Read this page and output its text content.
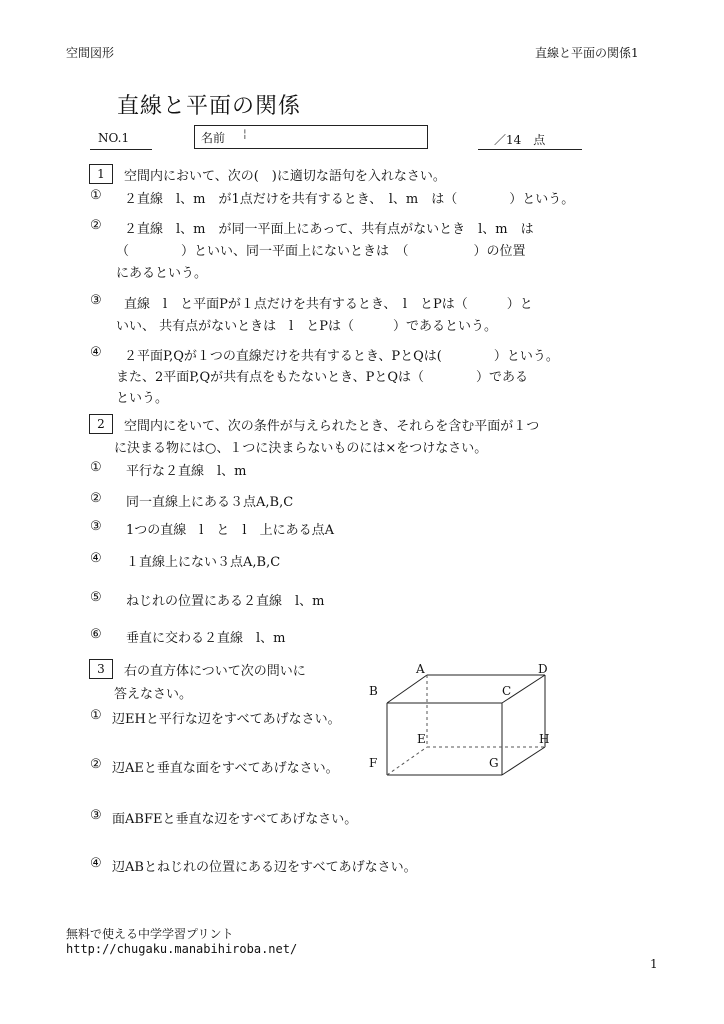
空間図形	直線と平面の関係1
直線と平面の関係
NO.1	名前 ¦	／14　点
1	空間内において、次の(　)に適切な語句を入れなさい。
① ２直線　l、m　が1点だけを共有するとき、　l、m　は（　　　　）という。
② ２直線　l、m　が同一平面上にあって、共有点がないとき　l、m　は
（　　　　）といい、同一平面上にないときは　（　　　　　）の位置
にあるという。
③ 直線　l　と平面Pが１点だけを共有するとき、　l　とPは（　　　）と
いい、 共有点がないときは　l　とPは（　　　）であるという。
④ ２平面P,Qが１つの直線だけを共有するとき、PとQは(　　　　）という。
また、2平面P,Qが共有点をもたないとき、PとQは（　　　　）である
という。
2	空間内にをいて、次の条件が与えられたとき、それらを含む平面が１つ
に決まる物には○、１つに決まらないものには×をつけなさい。
① 平行な２直線　l、m
② 同一直線上にある３点A,B,C
③ 1つの直線　l　と　l　上にある点A
④ １直線上にない３点A,B,C
⑤ ねじれの位置にある２直線　l、m
⑥ 垂直に交わる２直線　l、m
3	右の直方体について次の問いに
答えなさい。
① 辺EHと平行な辺をすべてあげなさい。
② 辺AEと垂直な面をすべてあげなさい。
③ 面ABFEと垂直な辺をすべてあげなさい。
④ 辺ABとねじれの位置にある辺をすべてあげなさい。
A	D
B	C
E	H
F	G
無料で使える中学学習プリント
http://chugaku.manabihiroba.net/
1
